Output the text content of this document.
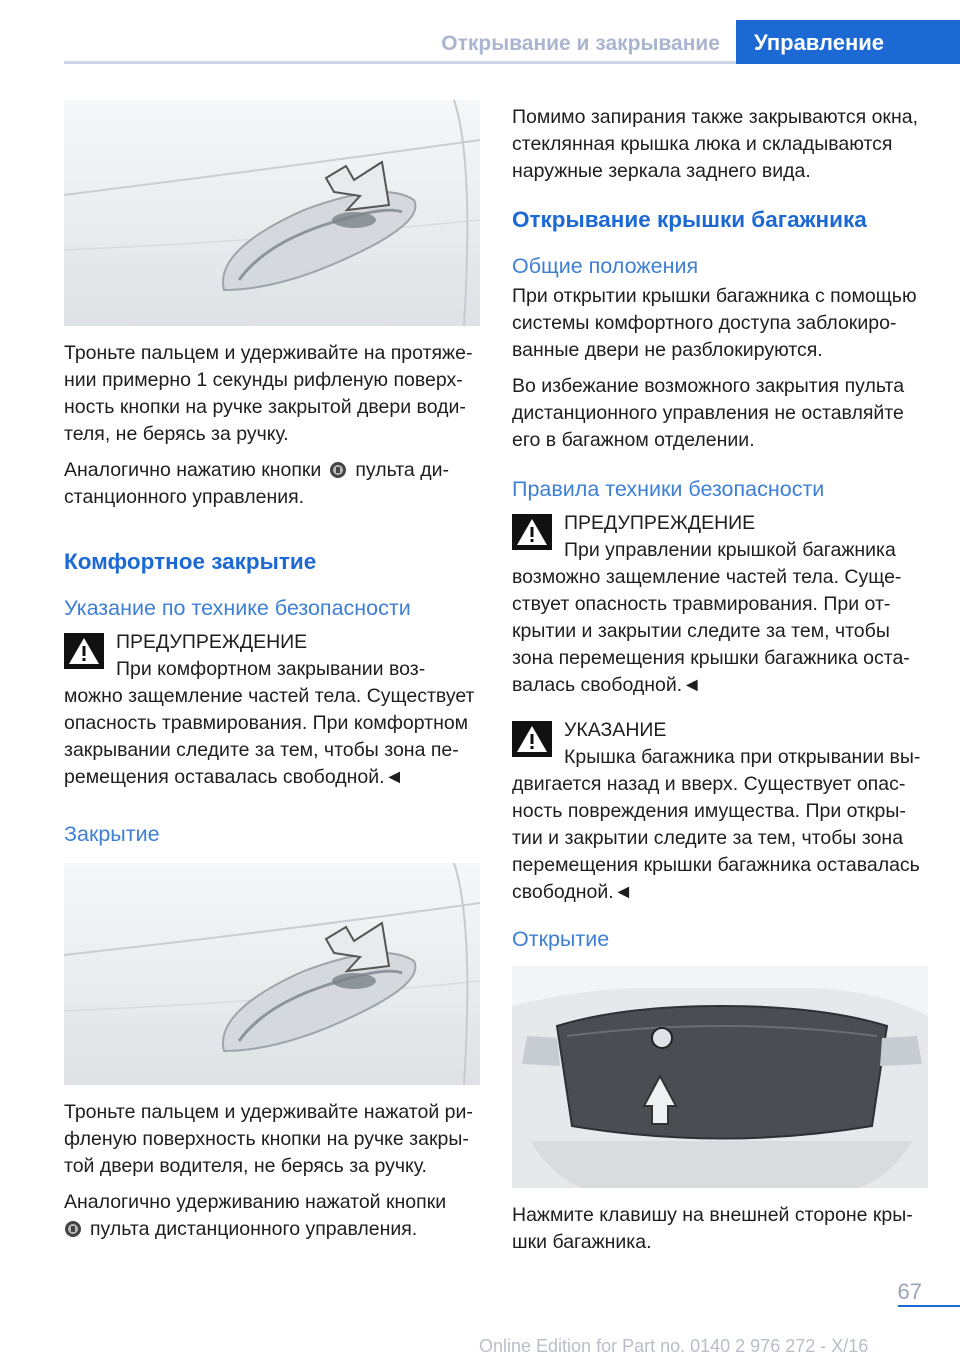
Открывание и закрывание	Управление

Троньте пальцем и удерживайте на протяже‐нии примерно 1 секунды рифленую поверх‐ность кнопки на ручке закрытой двери води‐теля, не берясь за ручку.

Аналогично нажатию кнопки пульта ди‐станционного управления.

Комфортное закрытие
Указание по технике безопасности

ПРЕДУПРЕЖДЕНИЕ

При комфортном закрывании воз‐можно защемление частей тела. Существует опасность травмирования. При комфортном закрывании следите за тем, чтобы зона пе‐ремещения оставалась свободной.◄

Закрытие

Троньте пальцем и удерживайте нажатой ри‐фленую поверхность кнопки на ручке закры‐той двери водителя, не берясь за ручку.

Аналогично удерживанию нажатой кнопки
пульта дистанционного управления.

Помимо запирания также закрываются окна, стеклянная крышка люка и складываются наружные зеркала заднего вида.

Открывание крышки багажника
Общие положения

При открытии крышки багажника с помощью системы комфортного доступа заблокиро‐ванные двери не разблокируются.

Во избежание возможного закрытия пульта дистанционного управления не оставляйте его в багажном отделении.

Правила техники безопасности

ПРЕДУПРЕЖДЕНИЕ

При управлении крышкой багажника возможно защемление частей тела. Суще‐ствует опасность травмирования. При от‐крытии и закрытии следите за тем, чтобы зона перемещения крышки багажника оста‐валась свободной.◄

УКАЗАНИЕ

Крышка багажника при открывании вы‐двигается назад и вверх. Существует опас‐ность повреждения имущества. При откры‐тии и закрытии следите за тем, чтобы зона перемещения крышки багажника оставалась свободной.◄

Открытие

Нажмите клавишу на внешней стороне кры‐шки багажника.

67
Online Edition for Part no. 0140 2 976 272 - X/16
